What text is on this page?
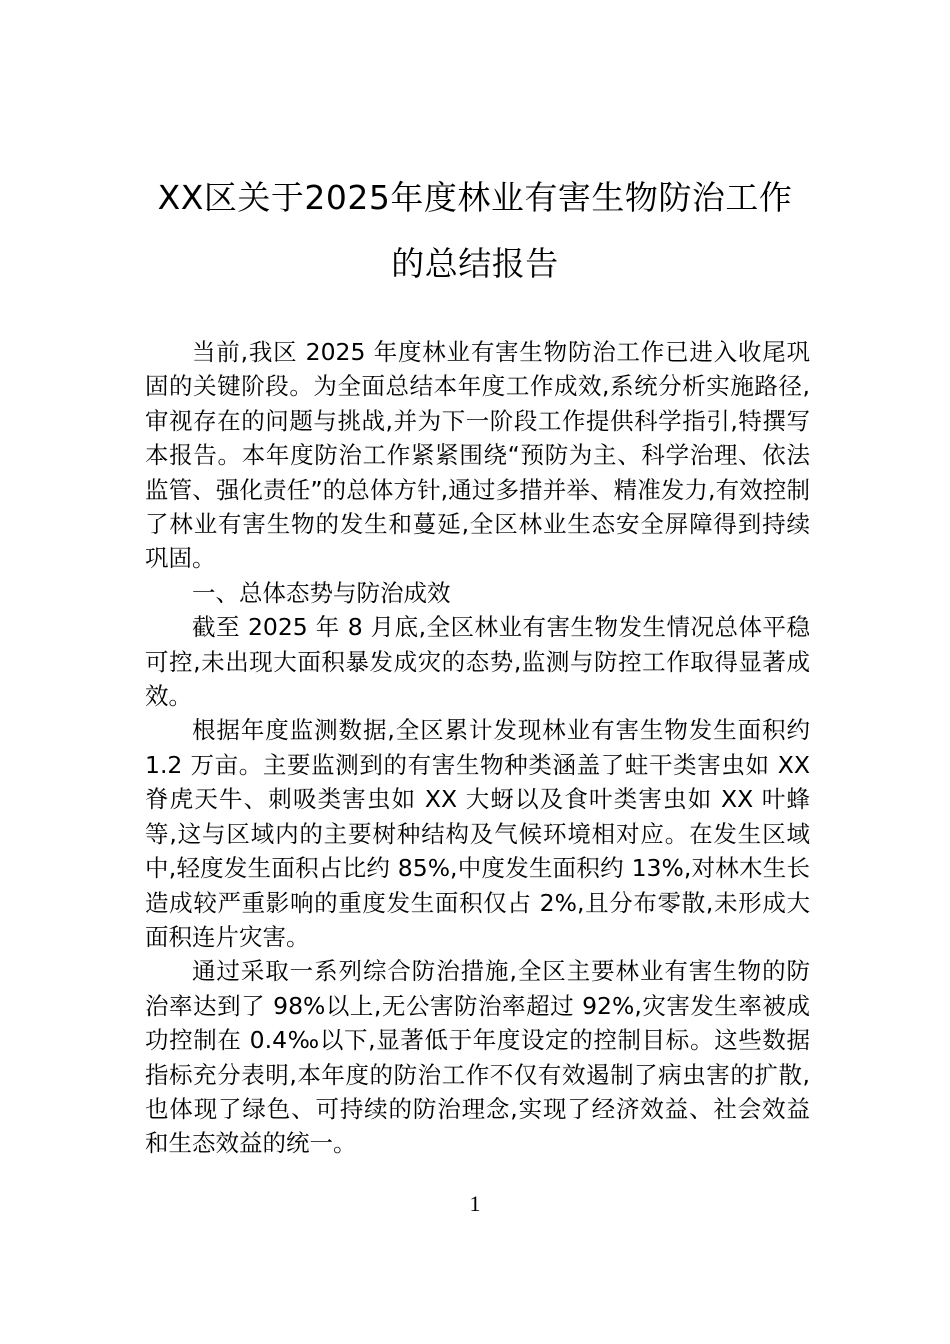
XX区关于2025年度林业有害生物防治工作的总结报告

当前,我区 2025 年度林业有害生物防治工作已进入收尾巩固的关键阶段。为全面总结本年度工作成效,系统分析实施路径,审视存在的问题与挑战,并为下一阶段工作提供科学指引,特撰写本报告。本年度防治工作紧紧围绕“预防为主、科学治理、依法监管、强化责任”的总体方针,通过多措并举、精准发力,有效控制了林业有害生物的发生和蔓延,全区林业生态安全屏障得到持续巩固。

一、总体态势与防治成效

截至 2025 年 8 月底,全区林业有害生物发生情况总体平稳可控,未出现大面积暴发成灾的态势,监测与防控工作取得显著成效。

根据年度监测数据,全区累计发现林业有害生物发生面积约 1.2 万亩。主要监测到的有害生物种类涵盖了蛀干类害虫如 XX 脊虎天牛、刺吸类害虫如 XX 大蚜以及食叶类害虫如 XX 叶蜂等,这与区域内的主要树种结构及气候环境相对应。在发生区域中,轻度发生面积占比约 85%,中度发生面积约 13%,对林木生长造成较严重影响的重度发生面积仅占 2%,且分布零散,未形成大面积连片灾害。

通过采取一系列综合防治措施,全区主要林业有害生物的防治率达到了 98%以上,无公害防治率超过 92%,灾害发生率被成功控制在 0.4‰以下,显著低于年度设定的控制目标。这些数据指标充分表明,本年度的防治工作不仅有效遏制了病虫害的扩散,也体现了绿色、可持续的防治理念,实现了经济效益、社会效益和生态效益的统一。

1
